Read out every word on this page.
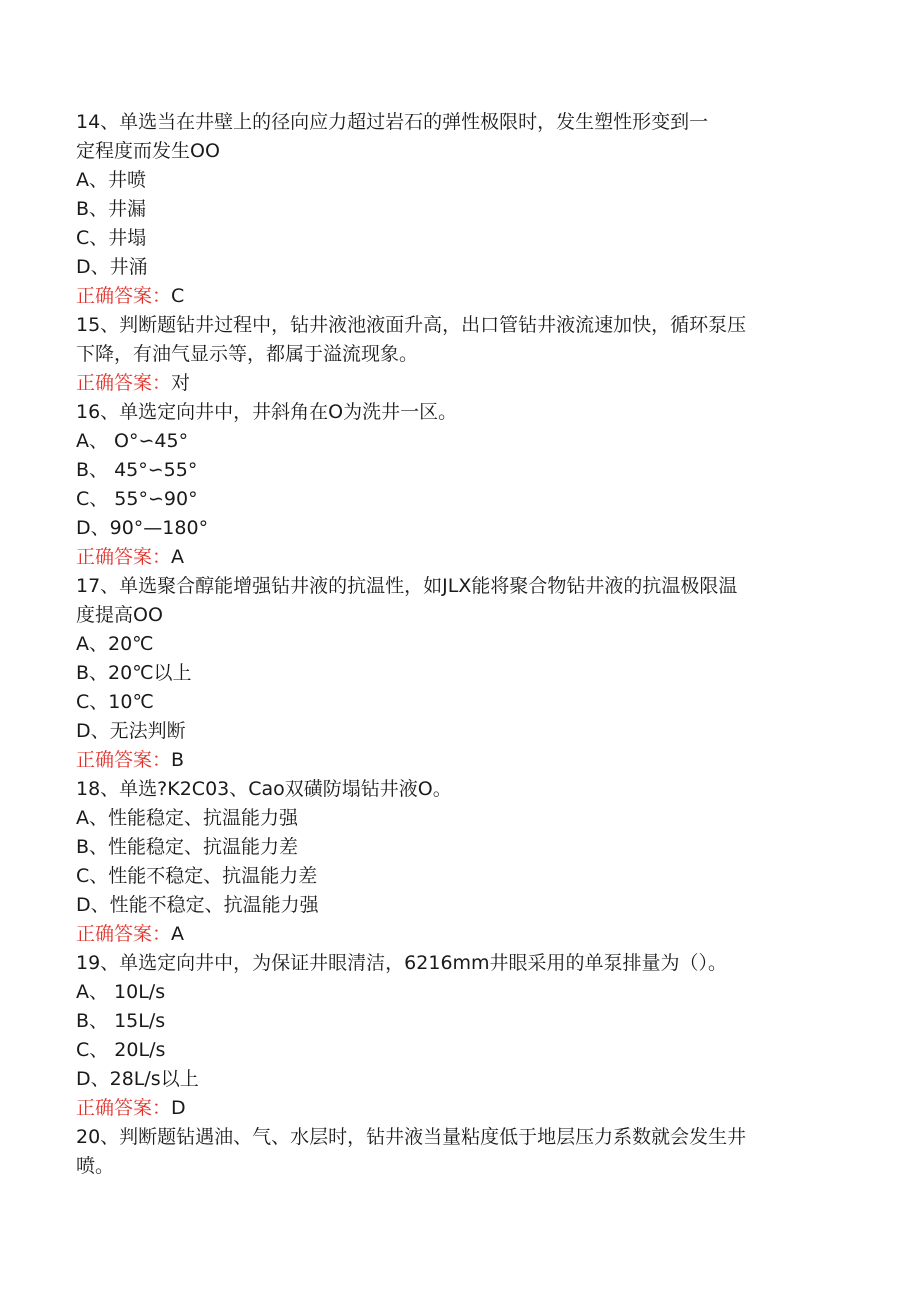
14、单选当在井壁上的径向应力超过岩石的弹性极限时，发生塑性形变到一

定程度而发生OO

A、井喷

B、井漏

C、井塌

D、井涌

正确答案：C

15、判断题钻井过程中，钻井液池液面升高，出口管钻井液流速加快，循环泵压

下降，有油气显示等，都属于溢流现象。

正确答案：对

16、单选定向井中，井斜角在O为洗井一区。

A、 O°∽45°

B、 45°∽55°

C、 55°∽90°

D、90°—180°

正确答案：A

17、单选聚合醇能增强钻井液的抗温性，如JLX能将聚合物钻井液的抗温极限温

度提高OO

A、20℃

B、20℃以上

C、10℃

D、无法判断

正确答案：B

18、单选?K2C03、Cao双磺防塌钻井液O。

A、性能稳定、抗温能力强

B、性能稳定、抗温能力差

C、性能不稳定、抗温能力差

D、性能不稳定、抗温能力强

正确答案：A

19、单选定向井中，为保证井眼清洁，6216mm井眼采用的单泵排量为（）。

A、 10L∕s

B、 15L∕s

C、 20L∕s

D、28L∕s以上

正确答案：D

20、判断题钻遇油、气、水层时，钻井液当量粘度低于地层压力系数就会发生井

喷。
